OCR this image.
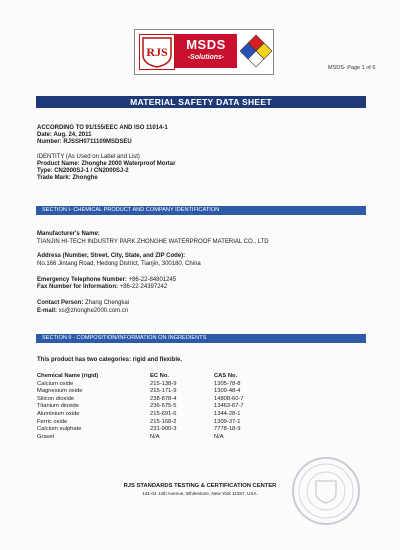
RJS	MSDS
-Solutions-
MSDS- Page 1 of 6
MATERIAL SAFETY DATA SHEET
ACCORDING TO 91/155/EEC AND ISO 11014-1
Date: Aug. 24, 2011
Number: RJSSH0711109MSDSEU
IDENTITY (As Used on Label and List)
Product Name: Zhonghe 2000 Waterproof Mortar
Type: CN2000SJ-1 / CN2000SJ-2
Trade Mark: Zhonghe
SECTION I- CHEMICAL PRODUCT AND COMPANY IDENTIFICATION
Manufacturer's Name:
TIANJIN HI-TECH INDUSTRY PARK ZHONGHE WATERPROOF MATERIAL CO., LTD
Address (Number, Street, City, State, and ZIP Code):
No.166 Jintang Road, Hedong District, Tianjin, 300180, China
Emergency Telephone Number: +86-22-84801245
Fax Number for Information: +86-22-24397242
Contact Person: Zhang Chengkai
E-mail: xs@zhonghe2000.com.cn
SECTION II - COMPOSITION/INFORMATION ON INGREDIENTS
This product has two categories: rigid and flexible.
Chemical Name (rigid)	EC No.	CAS No.
Calcium oxide	215-138-9	1305-78-8
Magnesium oxide	215-171-9	1309-48-4
Silicon dioxide	238-878-4	14808-60-7
Titanium dioxide	236-675-5	13463-67-7
Aluminium oxide	215-691-6	1344-28-1
Ferric oxide	215-168-2	1309-37-1
Calcium sulphate	231-900-3	7778-18-9
Gravel	N/A	N/A
RJS STANDARDS TESTING & CERTIFICATION CENTER
141-04 14th Avenue, Whitestone, New York 11357, USA.
